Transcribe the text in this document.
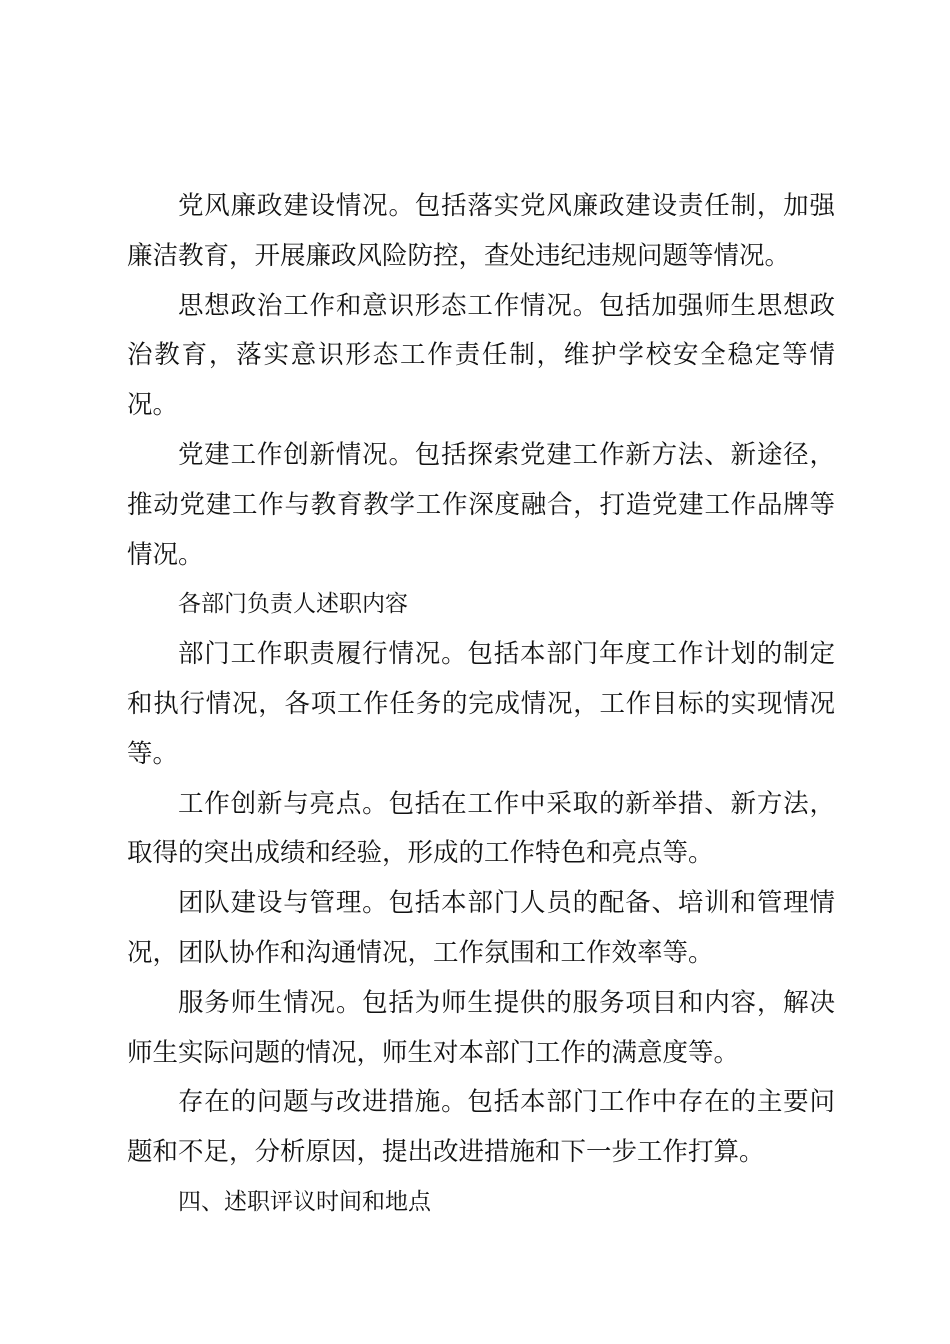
党风廉政建设情况。包括落实党风廉政建设责任制，加强廉洁教育，开展廉政风险防控，查处违纪违规问题等情况。

思想政治工作和意识形态工作情况。包括加强师生思想政治教育，落实意识形态工作责任制，维护学校安全稳定等情况。

党建工作创新情况。包括探索党建工作新方法、新途径，推动党建工作与教育教学工作深度融合，打造党建工作品牌等情况。

各部门负责人述职内容

部门工作职责履行情况。包括本部门年度工作计划的制定和执行情况，各项工作任务的完成情况，工作目标的实现情况等。

工作创新与亮点。包括在工作中采取的新举措、新方法，取得的突出成绩和经验，形成的工作特色和亮点等。

团队建设与管理。包括本部门人员的配备、培训和管理情况，团队协作和沟通情况，工作氛围和工作效率等。

服务师生情况。包括为师生提供的服务项目和内容，解决师生实际问题的情况，师生对本部门工作的满意度等。

存在的问题与改进措施。包括本部门工作中存在的主要问题和不足，分析原因，提出改进措施和下一步工作打算。

四、述职评议时间和地点
